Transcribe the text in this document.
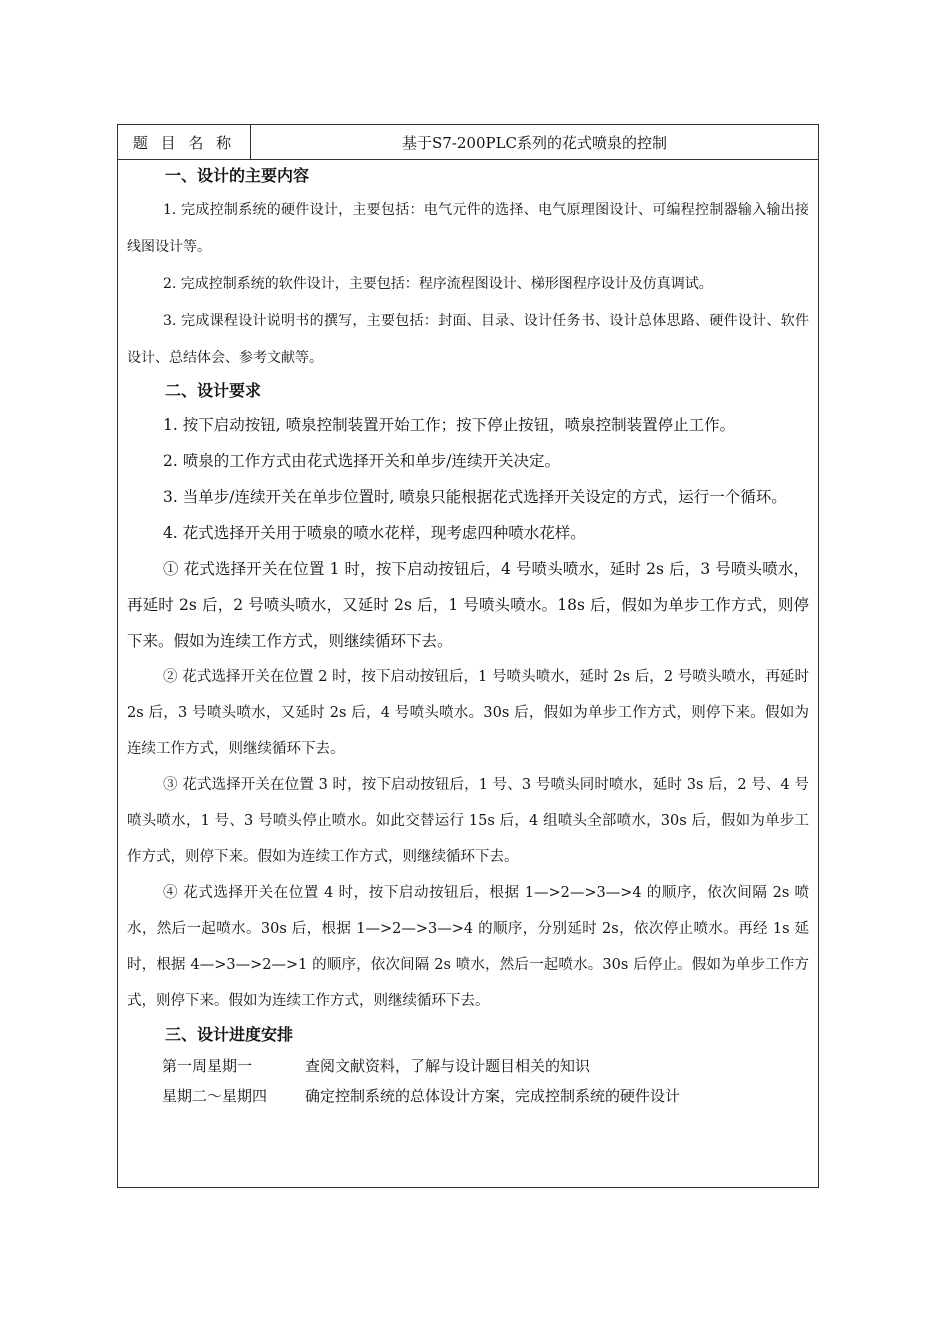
题 目 名 称	基于S7-200PLC系列的花式喷泉的控制
一、设计的主要内容

1. 完成控制系统的硬件设计，主要包括：电气元件的选择、电气原理图设计、可编程控制器输入输出接线图设计等。

2. 完成控制系统的软件设计，主要包括：程序流程图设计、梯形图程序设计及仿真调试。

3. 完成课程设计说明书的撰写，主要包括：封面、目录、设计任务书、设计总体思路、硬件设计、软件设计、总结体会、参考文献等。

二、设计要求

1. 按下启动按钮, 喷泉控制装置开始工作；按下停止按钮，喷泉控制装置停止工作。

2. 喷泉的工作方式由花式选择开关和单步/连续开关决定。

3. 当单步/连续开关在单步位置时, 喷泉只能根据花式选择开关设定的方式，运行一个循环。

4. 花式选择开关用于喷泉的喷水花样，现考虑四种喷水花样。

① 花式选择开关在位置 1 时，按下启动按钮后，4 号喷头喷水，延时 2s 后，3 号喷头喷水，再延时 2s 后，2 号喷头喷水，又延时 2s 后，1 号喷头喷水。18s 后，假如为单步工作方式，则停下来。假如为连续工作方式，则继续循环下去。

② 花式选择开关在位置 2 时，按下启动按钮后，1 号喷头喷水，延时 2s 后，2 号喷头喷水，再延时 2s 后，3 号喷头喷水，又延时 2s 后，4 号喷头喷水。30s 后，假如为单步工作方式，则停下来。假如为连续工作方式，则继续循环下去。

③ 花式选择开关在位置 3 时，按下启动按钮后，1 号、3 号喷头同时喷水，延时 3s 后，2 号、4 号喷头喷水，1 号、3 号喷头停止喷水。如此交替运行 15s 后，4 组喷头全部喷水，30s 后，假如为单步工作方式，则停下来。假如为连续工作方式，则继续循环下去。

④ 花式选择开关在位置 4 时，按下启动按钮后，根据 1—>2—>3—>4 的顺序，依次间隔 2s 喷水，然后一起喷水。30s 后，根据 1—>2—>3—>4 的顺序，分别延时 2s，依次停止喷水。再经 1s 延时，根据 4—>3—>2—>1 的顺序，依次间隔 2s 喷水，然后一起喷水。30s 后停止。假如为单步工作方式，则停下来。假如为连续工作方式，则继续循环下去。

三、设计进度安排
第一周星期一	查阅文献资料，了解与设计题目相关的知识
星期二～星期四	确定控制系统的总体设计方案，完成控制系统的硬件设计
